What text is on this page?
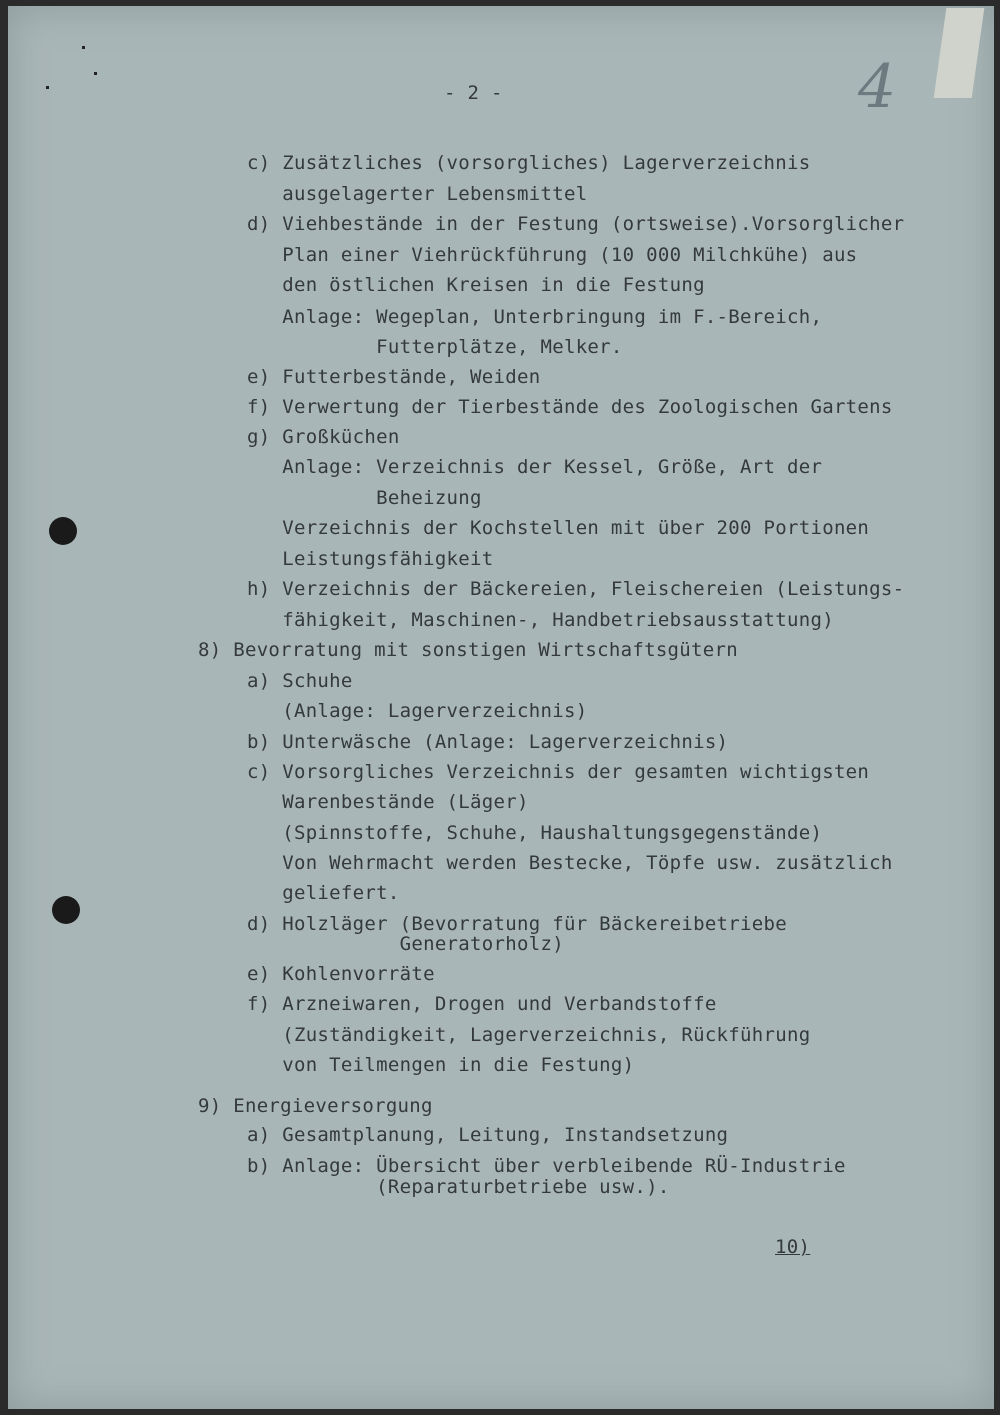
- 2 -	4
c) Zusätzliches (vorsorgliches) Lagerverzeichnis
ausgelagerter Lebensmittel
d) Viehbestände in der Festung (ortsweise).Vorsorglicher
Plan einer Viehrückführung (10 000 Milchkühe) aus
den östlichen Kreisen in die Festung
Anlage: Wegeplan, Unterbringung im F.-Bereich,
Futterplätze, Melker.
e) Futterbestände, Weiden
f) Verwertung der Tierbestände des Zoologischen Gartens
g) Großküchen
Anlage: Verzeichnis der Kessel, Größe, Art der
Beheizung
Verzeichnis der Kochstellen mit über 200 Portionen
Leistungsfähigkeit
h) Verzeichnis der Bäckereien, Fleischereien (Leistungs-
fähigkeit, Maschinen-, Handbetriebsausstattung)
8) Bevorratung mit sonstigen Wirtschaftsgütern
a) Schuhe
(Anlage: Lagerverzeichnis)
b) Unterwäsche (Anlage: Lagerverzeichnis)
c) Vorsorgliches Verzeichnis der gesamten wichtigsten
Warenbestände (Läger)
(Spinnstoffe, Schuhe, Haushaltungsgegenstände)
Von Wehrmacht werden Bestecke, Töpfe usw. zusätzlich
geliefert.
d) Holzläger (Bevorratung für Bäckereibetriebe
Generatorholz)
e) Kohlenvorräte
f) Arzneiwaren, Drogen und Verbandstoffe
(Zuständigkeit, Lagerverzeichnis, Rückführung
von Teilmengen in die Festung)
9) Energieversorgung
a) Gesamtplanung, Leitung, Instandsetzung
b) Anlage: Übersicht über verbleibende RÜ-Industrie
(Reparaturbetriebe usw.).
10)
